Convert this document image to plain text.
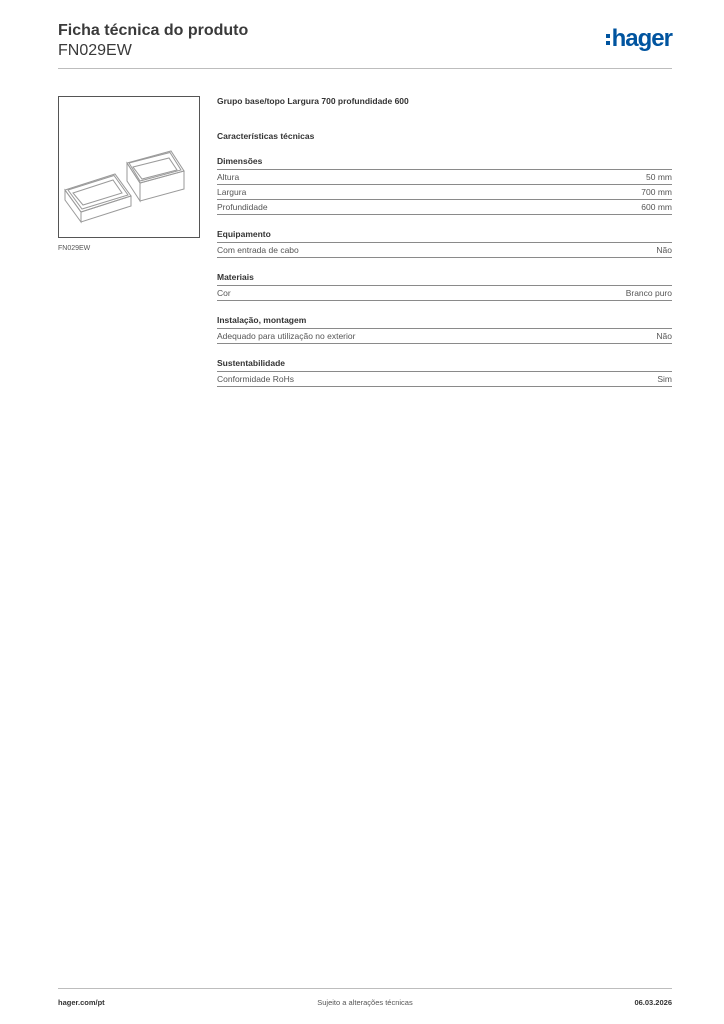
Ficha técnica do produto
FN029EW	hager
FN029EW
Grupo base/topo Largura 700 profundidade 600
Características técnicas
Dimensões
Altura	50 mm
Largura	700 mm
Profundidade	600 mm
Equipamento
Com entrada de cabo	Não
Materiais
Cor	Branco puro
Instalação, montagem
Adequado para utilização no exterior	Não
Sustentabilidade
Conformidade RoHs	Sim
hager.com/pt	Sujeito a alterações técnicas	06.03.2026
